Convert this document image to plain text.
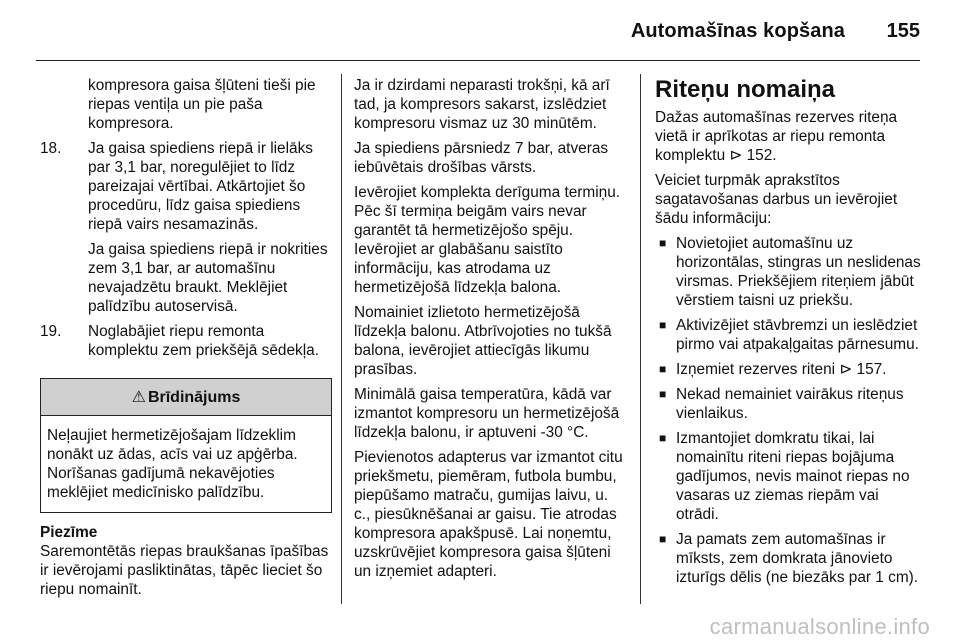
Automašīnas kopšana 155

kompresora gaisa šļūteni tieši pie riepas ventiļa un pie paša kompresora.

18.	Ja gaisa spiediens riepā ir lielāks par 3,1 bar, noregulējiet to līdz pareizajai vērtībai. Atkārtojiet šo procedūru, līdz gaisa spiediens riepā vairs nesamazinās.

Ja gaisa spiediens riepā ir nokrities zem 3,1 bar, ar automašīnu nevajadzētu braukt. Meklējiet palīdzību autoservisā.

19.	Noglabājiet riepu remonta komplektu zem priekšējā sēdekļa.

⚠ Brīdinājums
Neļaujiet hermetizējošajam līdzeklim nonākt uz ādas, acīs vai uz apģērba. Norīšanas gadījumā nekavējoties meklējiet medicīniskо palīdzību.
Piezīme

Saremontētās riepas braukšanas īpašības ir ievērojami pasliktinātas, tāpēc lieciet šo riepu nomainīt.

Ja ir dzirdami neparasti trokšņi, kā arī tad, ja kompresors sakarst, izslēdziet kompresoru vismaz uz 30 minūtēm.

Ja spiediens pārsniedz 7 bar, atveras iebūvētais drošības vārsts.

Ievērojiet komplekta derīguma termiņu. Pēc šī termiņa beigām vairs nevar garantēt tā hermetizējošo spēju. Ievērojiet ar glabāšanu saistīto informāciju, kas atrodama uz hermetizējošā līdzekļa balona.

Nomainiet izlietoto hermetizējošā līdzekļa balonu. Atbrīvojoties no tukšā balona, ievērojiet attiecīgās likumu prasības.

Minimālā gaisa temperatūra, kādā var izmantot kompresoru un hermetizējošā līdzekļa balonu, ir aptuveni -30 °C.

Pievienotos adapterus var izmantot citu priekšmetu, piemēram, futbola bumbu, piepūšamo matraču, gumijas laivu, u. c., piesūknēšanai ar gaisu. Tie atrodas kompresora apakšpusē. Lai noņemtu, uzskrūvējiet kompresora gaisa šļūteni un izņemiet adapteri.

Riteņu nomaiņa

Dažas automašīnas rezerves riteņa vietā ir aprīkotas ar riepu remonta komplektu ⊳ 152.

Veiciet turpmāk aprakstītos sagatavošanas darbus un ievērojiet šādu informāciju:

■ Novietojiet automašīnu uz horizontālas, stingras un neslidenas virsmas. Priekšējiem riteņiem jābūt vērstiem taisni uz priekšu.
■ Aktivizējiet stāvbremzi un ieslēdziet pirmo vai atpakaļgaitas pārnesumu.
■ Izņemiet rezerves riteni ⊳ 157.
■ Nekad nemainiet vairākus riteņus vienlaikus.
■ Izmantojiet domkratu tikai, lai nomainītu riteni riepas bojājuma gadījumos, nevis mainot riepas no vasaras uz ziemas riepām vai otrādi.
■ Ja pamats zem automašīnas ir mīksts, zem domkrata jānovieto izturīgs dēlis (ne biezāks par 1 cm).
carmanualsonline.info
